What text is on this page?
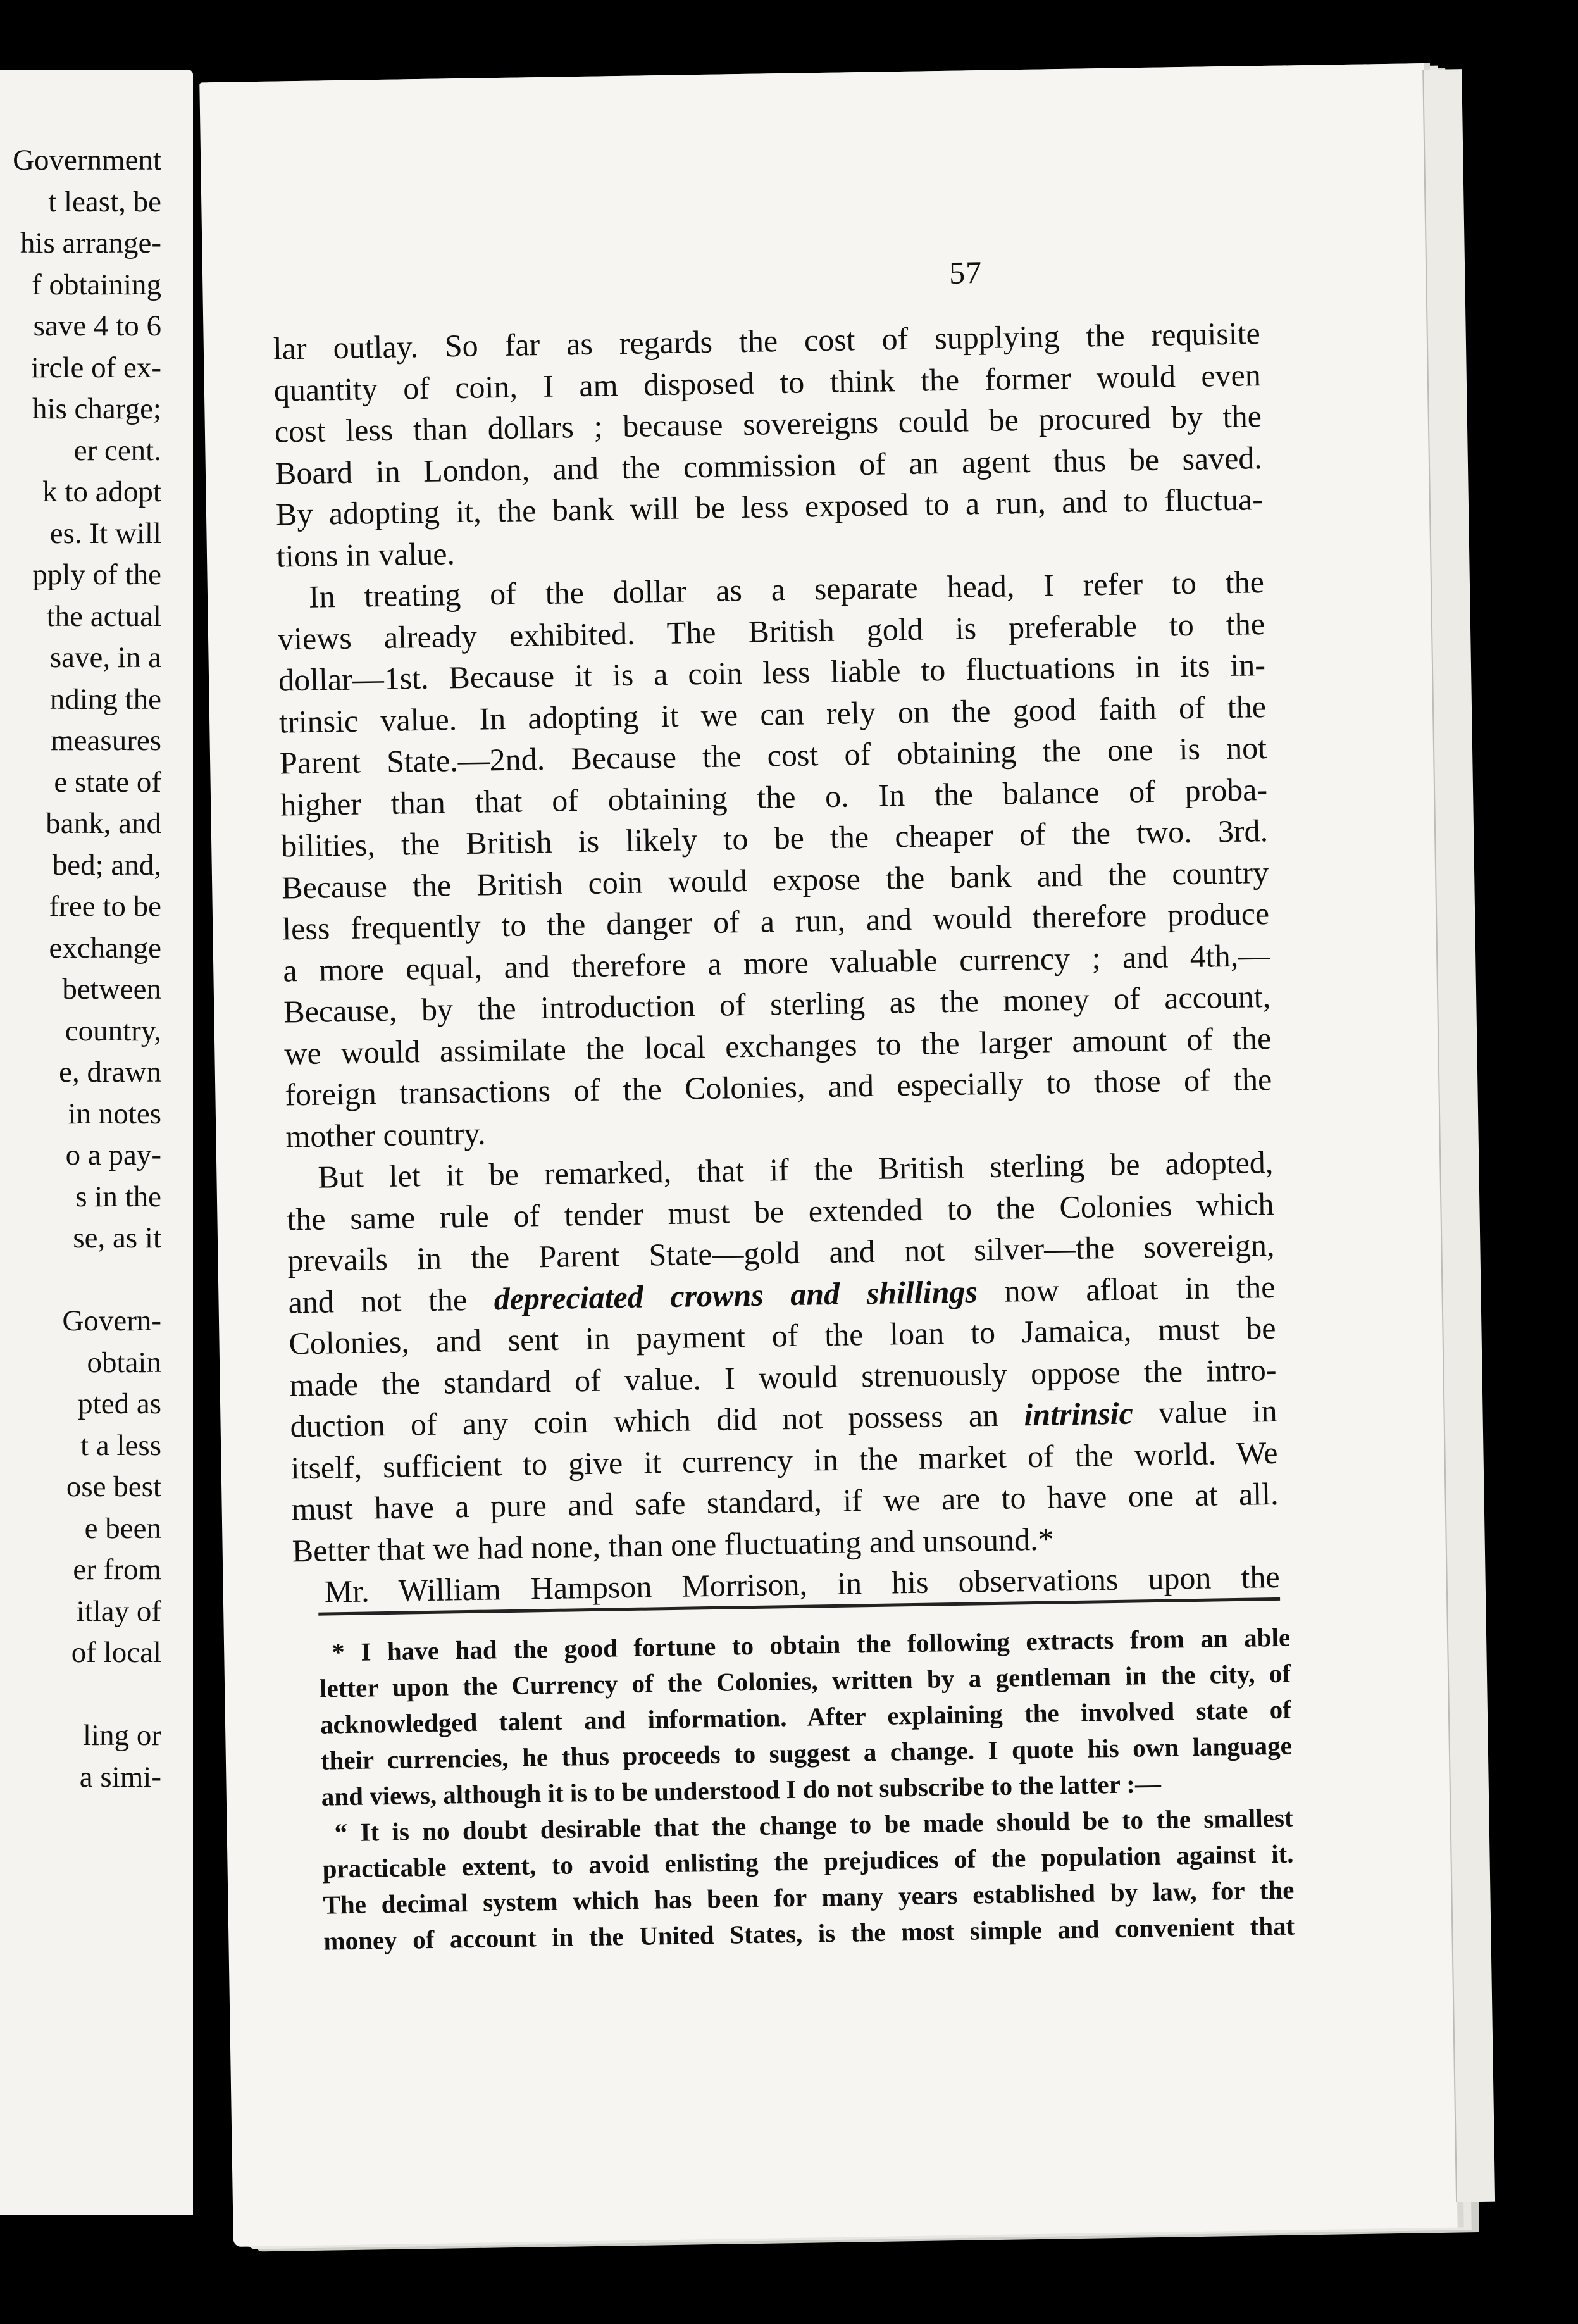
Government
t least, be
his arrange-
f obtaining
save 4 to 6
ircle of ex-
his charge;
er cent.
k to adopt
es. It will
pply of the
the actual
save, in a
nding the
measures
e state of
bank, and
bed; and,
free to be
exchange
between
country,
e, drawn
in notes
o a pay-
s in the
se, as it
Govern-
obtain
pted as
t a less
ose best
e been
er from
itlay of
of local
ling or
a simi-
57
lar outlay. So far as regards the cost of supplying the requisite
quantity of coin, I am disposed to think the former would even
cost less than dollars ; because sovereigns could be procured by the
Board in London, and the commission of an agent thus be saved.
By adopting it, the bank will be less exposed to a run, and to fluctua-
tions in value.
In treating of the dollar as a separate head, I refer to the
views already exhibited. The British gold is preferable to the
dollar—1st. Because it is a coin less liable to fluctuations in its in-
trinsic value. In adopting it we can rely on the good faith of the
Parent State.—2nd. Because the cost of obtaining the one is not
higher than that of obtaining the o. In the balance of proba-
bilities, the British is likely to be the cheaper of the two. 3rd.
Because the British coin would expose the bank and the country
less frequently to the danger of a run, and would therefore produce
a more equal, and therefore a more valuable currency ; and 4th,—
Because, by the introduction of sterling as the money of account,
we would assimilate the local exchanges to the larger amount of the
foreign transactions of the Colonies, and especially to those of the
mother country.
But let it be remarked, that if the British sterling be adopted,
the same rule of tender must be extended to the Colonies which
prevails in the Parent State—gold and not silver—the sovereign,
and not the depreciated crowns and shillings now afloat in the
Colonies, and sent in payment of the loan to Jamaica, must be
made the standard of value. I would strenuously oppose the intro-
duction of any coin which did not possess an intrinsic value in
itself, sufficient to give it currency in the market of the world. We
must have a pure and safe standard, if we are to have one at all.
Better that we had none, than one fluctuating and unsound.*
Mr. William Hampson Morrison, in his observations upon the
* I have had the good fortune to obtain the following extracts from an able
letter upon the Currency of the Colonies, written by a gentleman in the city, of
acknowledged talent and information. After explaining the involved state of
their currencies, he thus proceeds to suggest a change. I quote his own language
and views, although it is to be understood I do not subscribe to the latter :—
“ It is no doubt desirable that the change to be made should be to the smallest
practicable extent, to avoid enlisting the prejudices of the population against it.
The decimal system which has been for many years established by law, for the
money of account in the United States, is the most simple and convenient that
